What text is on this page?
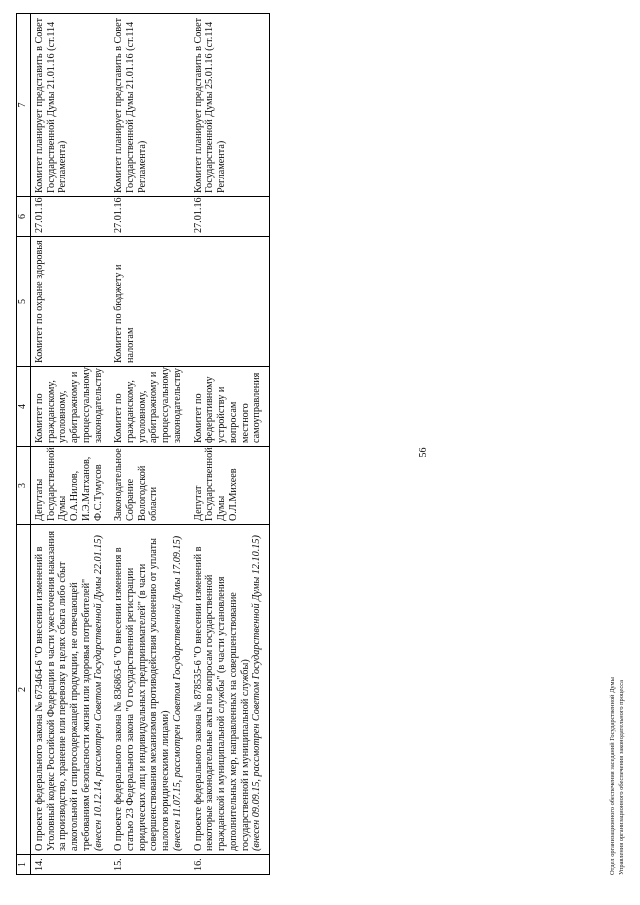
56
1	2	3	4	5	6	7
14.	О проекте федерального закона № 673464-6 "О внесении изменений в Уголовный кодекс Российской Федерации в части ужесточения наказания за производство, хранение или перевозку в целях сбыта либо сбыт алкогольной и спиртосодержащей продукции, не отвечающей требованиям безопасности жизни или здоровья потребителей" (внесен 10.12.14, рассмотрен Советом Государственной Думы 22.01.15)	Депутаты Государственной Думы О.А.Нилов, И.Э.Матханов, Ф.С.Тумусов	Комитет по гражданскому, уголовному, арбитражному и процессуальному законодательству	Комитет по охране здоровья	27.01.16	Комитет планирует представить в Совет Государственной Думы 21.01.16 (ст.114 Регламента)
15.	О проекте федерального закона № 836863-6 "О внесении изменения в статью 23 Федерального закона "О государственной регистрации юридических лиц и индивидуальных предпринимателей" (в части совершенствования механизмов противодействия уклонению от уплаты налогов юридическими лицами) (внесен 11.07.15, рассмотрен Советом Государственной Думы 17.09.15)	Законодательное Собрание Вологодской области	Комитет по гражданскому, уголовному, арбитражному и процессуальному законодательству	Комитет по бюджету и налогам	27.01.16	Комитет планирует представить в Совет Государственной Думы 21.01.16 (ст.114 Регламента)
16.	О проекте федерального закона № 878535-6 "О внесении изменений в некоторые законодательные акты по вопросам государственной гражданской и муниципальной службы" (в части установления дополнительных мер, направленных на совершенствование государственной и муниципальной службы) (внесен 09.09.15, рассмотрен Советом Государственной Думы 12.10.15)	Депутат Государственной Думы О.Л.Михеев	Комитет по федеративному устройству и вопросам местного самоуправления		27.01.16	Комитет планирует представить в Совет Государственной Думы 25.01.16 (ст.114 Регламента)
Отдел организационного обеспечения заседаний Государственной Думы Управления организационного обеспечения законодательного процесса
